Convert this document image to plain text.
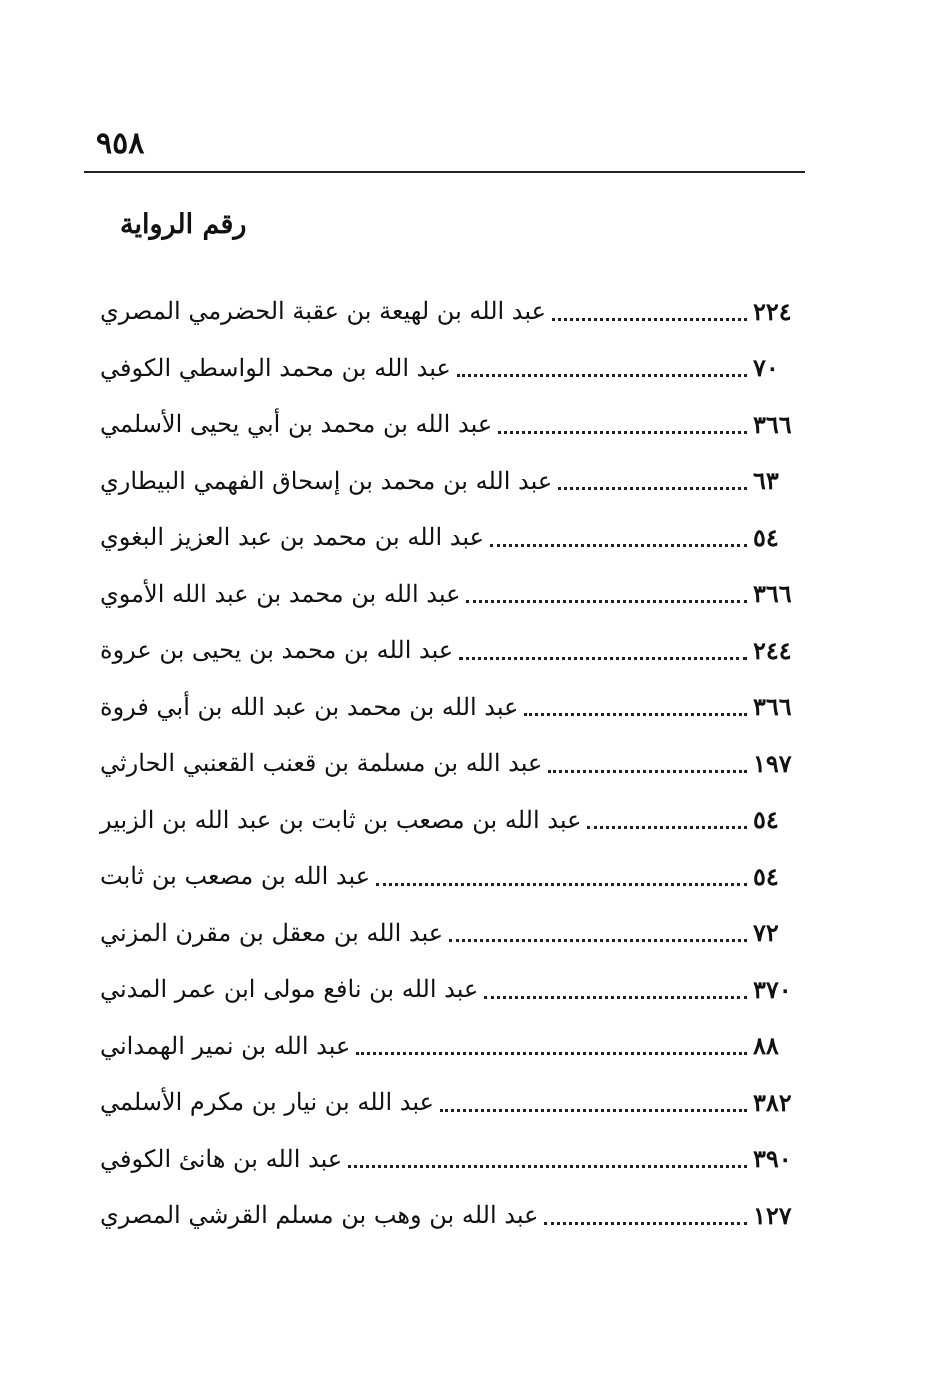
٩٥٨
رقم الرواية
عبد الله بن لهيعة بن عقبة الحضرمي المصري	٢٢٤
عبد الله بن محمد الواسطي الكوفي	٧٠
عبد الله بن محمد بن أبي يحيى الأسلمي	٣٦٦
عبد الله بن محمد بن إسحاق الفهمي البيطاري	٦٣
عبد الله بن محمد بن عبد العزيز البغوي	٥٤
عبد الله بن محمد بن عبد الله الأموي	٣٦٦
عبد الله بن محمد بن يحيى بن عروة	٢٤٤
عبد الله بن محمد بن عبد الله بن أبي فروة	٣٦٦
عبد الله بن مسلمة بن قعنب القعنبي الحارثي	١٩٧
عبد الله بن مصعب بن ثابت بن عبد الله بن الزبير	٥٤
عبد الله بن مصعب بن ثابت	٥٤
عبد الله بن معقل بن مقرن المزني	٧٢
عبد الله بن نافع مولى ابن عمر المدني	٣٧٠
عبد الله بن نمير الهمداني	٨٨
عبد الله بن نيار بن مكرم الأسلمي	٣٨٢
عبد الله بن هانئ الكوفي	٣٩٠
عبد الله بن وهب بن مسلم القرشي المصري	١٢٧
